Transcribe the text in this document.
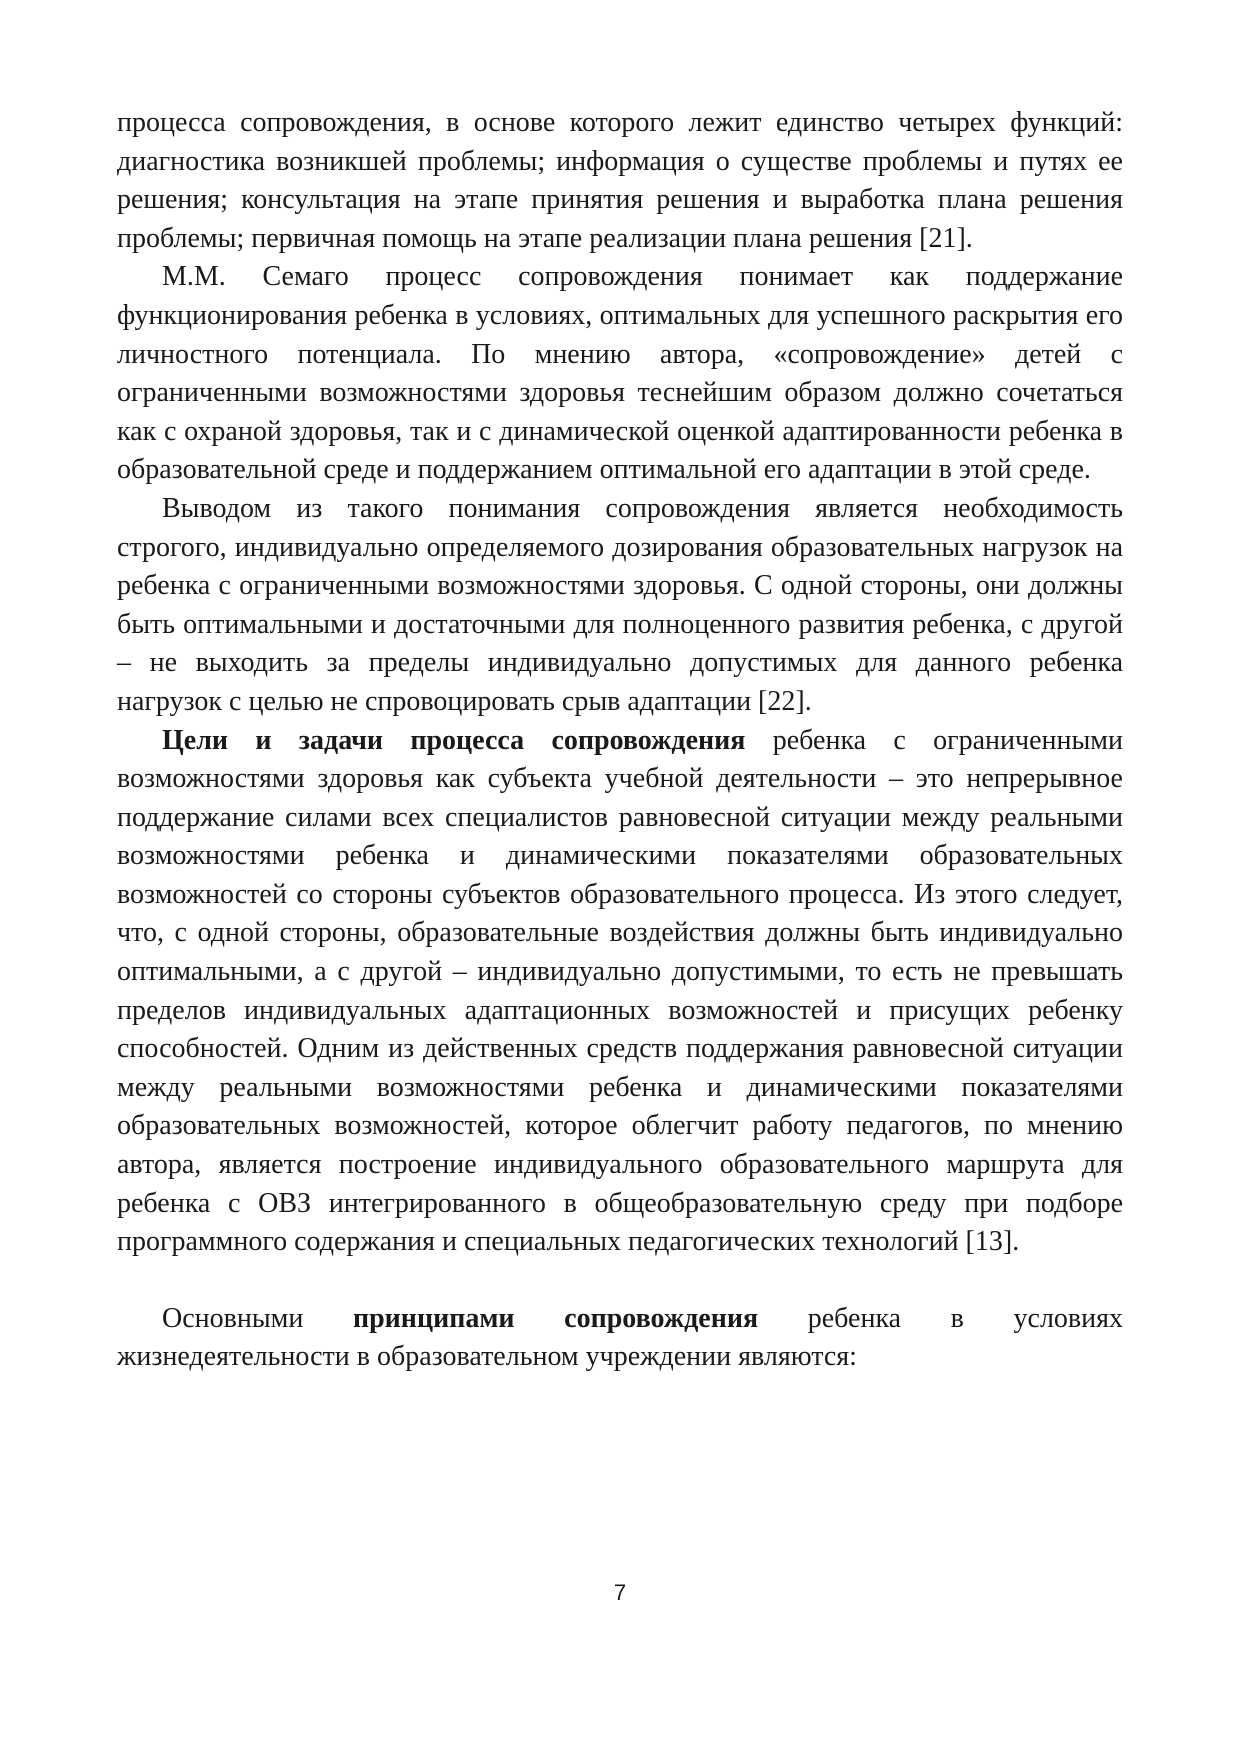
процесса сопровождения, в основе которого лежит единство четырех функций: диагностика возникшей проблемы; информация о существе проблемы и путях ее решения; консультация на этапе принятия решения и выработка плана решения проблемы; первичная помощь на этапе реализации плана решения [21].

М.М. Семаго процесс сопровождения понимает как поддержание функционирования ребенка в условиях, оптимальных для успешного раскрытия его личностного потенциала. По мнению автора, «сопровождение» детей с ограниченными возможностями здоровья теснейшим образом должно сочетаться как с охраной здоровья, так и с динамической оценкой адаптированности ребенка в образовательной среде и поддержанием оптимальной его адаптации в этой среде.

Выводом из такого понимания сопровождения является необходимость строгого, индивидуально определяемого дозирования образовательных нагрузок на ребенка с ограниченными возможностями здоровья. С одной стороны, они должны быть оптимальными и достаточными для полноценного развития ребенка, с другой – не выходить за пределы индивидуально допустимых для данного ребенка нагрузок с целью не спровоцировать срыв адаптации [22].

Цели и задачи процесса сопровождения ребенка с ограниченными возможностями здоровья как субъекта учебной деятельности – это непрерывное поддержание силами всех специалистов равновесной ситуации между реальными возможностями ребенка и динамическими показателями образовательных возможностей со стороны субъектов образовательного процесса. Из этого следует, что, с одной стороны, образовательные воздействия должны быть индивидуально оптимальными, а с другой – индивидуально допустимыми, то есть не превышать пределов индивидуальных адаптационных возможностей и присущих ребенку способностей. Одним из действенных средств поддержания равновесной ситуации между реальными возможностями ребенка и динамическими показателями образовательных возможностей, которое облегчит работу педагогов, по мнению автора, является построение индивидуального образовательного маршрута для ребенка с ОВЗ интегрированного в общеобразовательную среду при подборе программного содержания и специальных педагогических технологий [13].

Основными принципами сопровождения ребенка в условиях жизнедеятельности в образовательном учреждении являются:

7
